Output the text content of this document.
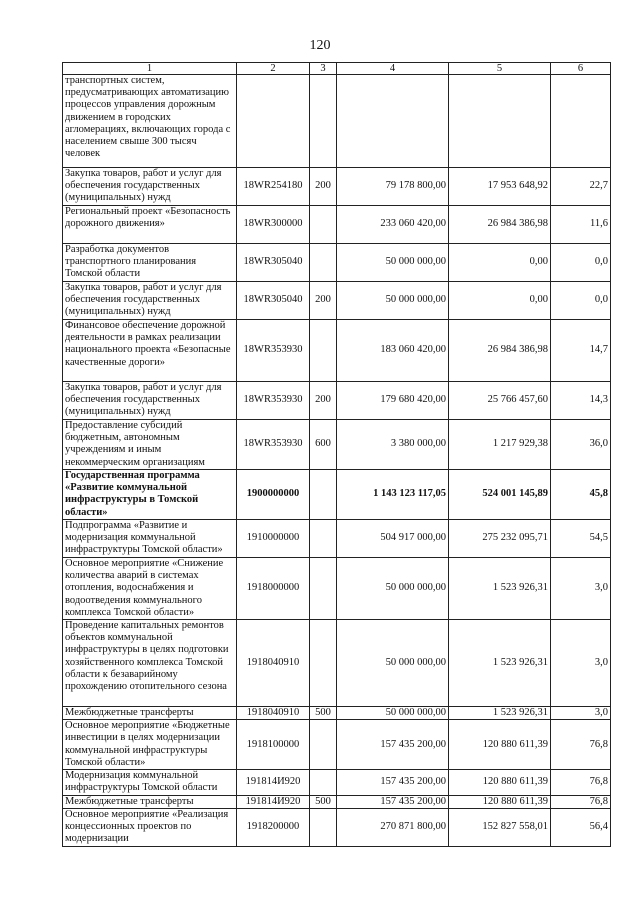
120
1	2	3	4	5	6
транспортных систем, предусматривающих автоматизацию процессов управления дорожным движением в городских агломерациях, включающих города с населением свыше 300 тысяч человек					
Закупка товаров, работ и услуг для обеспечения государственных (муниципальных) нужд	18WR254180	200	79 178 800,00	17 953 648,92	22,7
Региональный проект «Безопасность дорожного движения»	18WR300000		233 060 420,00	26 984 386,98	11,6
Разработка документов транспортного планирования Томской области	18WR305040		50 000 000,00	0,00	0,0
Закупка товаров, работ и услуг для обеспечения государственных (муниципальных) нужд	18WR305040	200	50 000 000,00	0,00	0,0
Финансовое обеспечение дорожной деятельности в рамках реализации национального проекта «Безопасные качественные дороги»	18WR353930		183 060 420,00	26 984 386,98	14,7
Закупка товаров, работ и услуг для обеспечения государственных (муниципальных) нужд	18WR353930	200	179 680 420,00	25 766 457,60	14,3
Предоставление субсидий бюджетным, автономным учреждениям и иным некоммерческим организациям	18WR353930	600	3 380 000,00	1 217 929,38	36,0
Государственная программа «Развитие коммунальной инфраструктуры в Томской области»	1900000000		1 143 123 117,05	524 001 145,89	45,8
Подпрограмма «Развитие и модернизация коммунальной инфраструктуры Томской области»	1910000000		504 917 000,00	275 232 095,71	54,5
Основное мероприятие «Снижение количества аварий в системах отопления, водоснабжения и водоотведения коммунального комплекса Томской области»	1918000000		50 000 000,00	1 523 926,31	3,0
Проведение капитальных ремонтов объектов коммунальной инфраструктуры в целях подготовки хозяйственного комплекса Томской области к безаварийному прохождению отопительного сезона	1918040910		50 000 000,00	1 523 926,31	3,0
Межбюджетные трансферты	1918040910	500	50 000 000,00	1 523 926,31	3,0
Основное мероприятие «Бюджетные инвестиции в целях модернизации коммунальной инфраструктуры Томской области»	1918100000		157 435 200,00	120 880 611,39	76,8
Модернизация коммунальной инфраструктуры Томской области	191814И920		157 435 200,00	120 880 611,39	76,8
Межбюджетные трансферты	191814И920	500	157 435 200,00	120 880 611,39	76,8
Основное мероприятие «Реализация концессионных проектов по модернизации	1918200000		270 871 800,00	152 827 558,01	56,4
